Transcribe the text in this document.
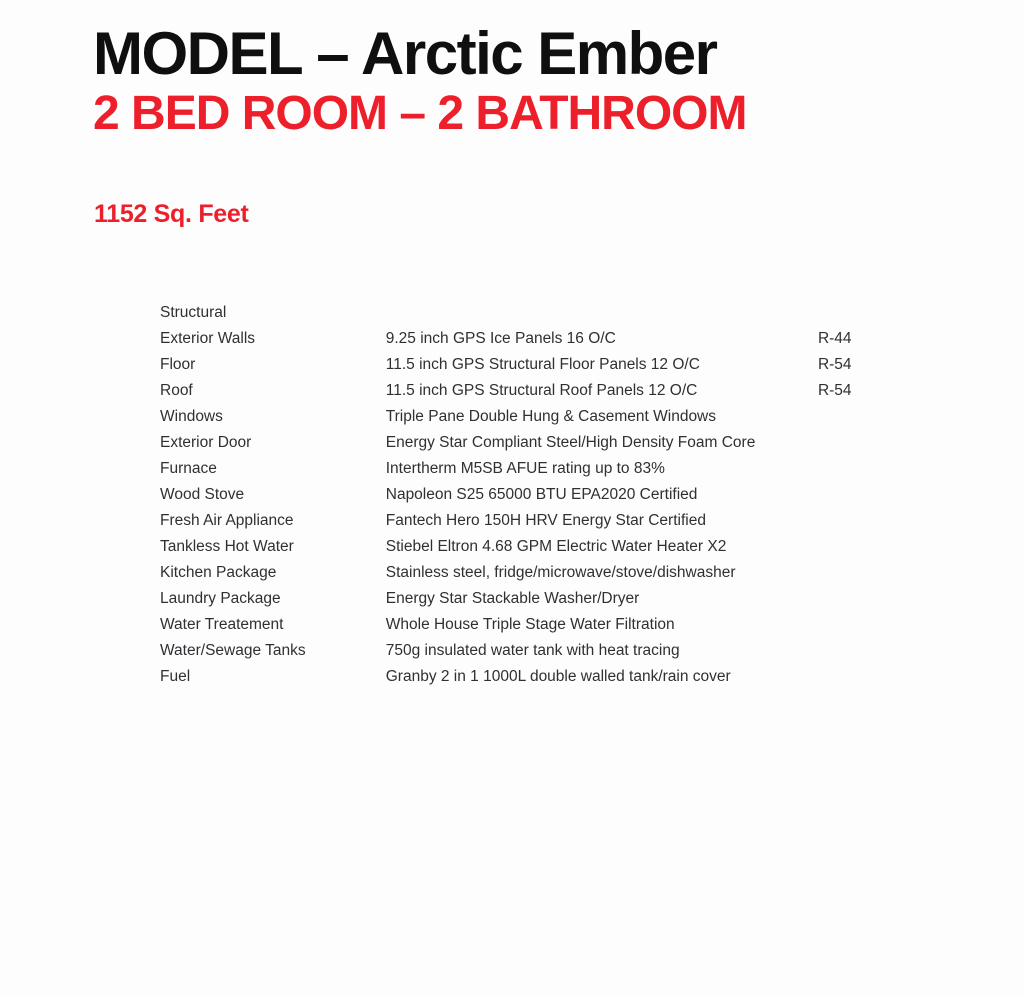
MODEL – Arctic Ember
2 BED ROOM – 2 BATHROOM
1152 Sq. Feet
Structural		
Exterior Walls	9.25 inch GPS Ice Panels 16 O/C	R-44
Floor	11.5 inch GPS Structural Floor Panels 12 O/C	R-54
Roof	11.5 inch GPS Structural Roof Panels 12 O/C	R-54
Windows	Triple Pane Double Hung & Casement Windows	
Exterior Door	Energy Star Compliant Steel/High Density Foam Core	
Furnace	Intertherm M5SB AFUE rating up to 83%	
Wood Stove	Napoleon S25 65000 BTU EPA2020 Certified	
Fresh Air Appliance	Fantech Hero 150H HRV Energy Star Certified	
Tankless Hot Water	Stiebel Eltron 4.68 GPM Electric Water Heater X2	
Kitchen Package	Stainless steel, fridge/microwave/stove/dishwasher	
Laundry Package	Energy Star Stackable Washer/Dryer	
Water Treatement	Whole House Triple Stage Water Filtration	
Water/Sewage Tanks	750g insulated water tank with heat tracing	
Fuel	Granby 2 in 1 1000L double walled tank/rain cover	
